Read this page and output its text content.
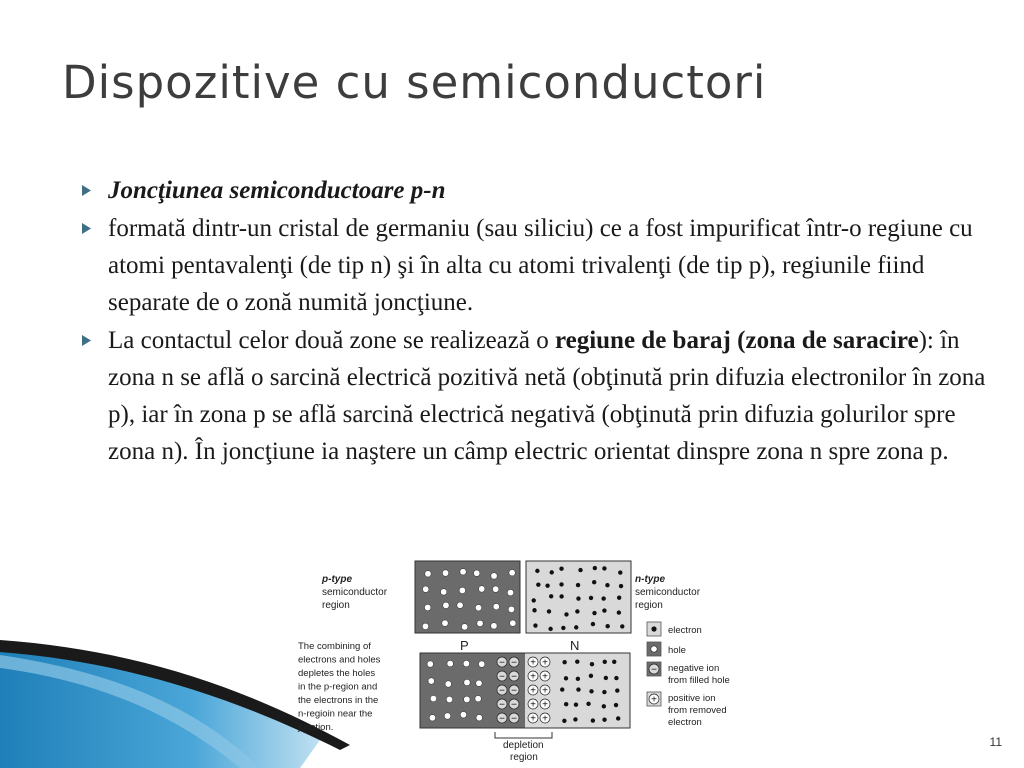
Dispozitive cu semiconductori
Joncţiunea semiconductoare p-n
formată dintr-un cristal de germaniu (sau siliciu) ce a fost impurificat într-o regiune cu atomi pentavalenţi (de tip n) şi în alta cu atomi trivalenţi (de tip p), regiunile fiind separate de o zonă numită joncţiune.
La contactul celor două zone se realizează o regiune de baraj (zona de saracire): în zona n se află o sarcină electrică pozitivă netă (obţinută prin difuzia electronilor în zona p), iar în zona p se află sarcină electrică negativă (obţinută prin difuzia golurilor spre zona n). În joncţiune ia naştere un câmp electric orientat dinspre zona n spre zona p.
p-type
semiconductor
region
n-type
semiconductor
region
P	N
− − + +
− − + +
− − + +
− − + +
− − + +
depletion
region
The combining of
electrons and holes
depletes the holes
in the p-region and
the electrons in the
n-regioin near the
junction.
electron
hole
− negative ion
from filled hole
+ positive ion
from removed
electron
11
